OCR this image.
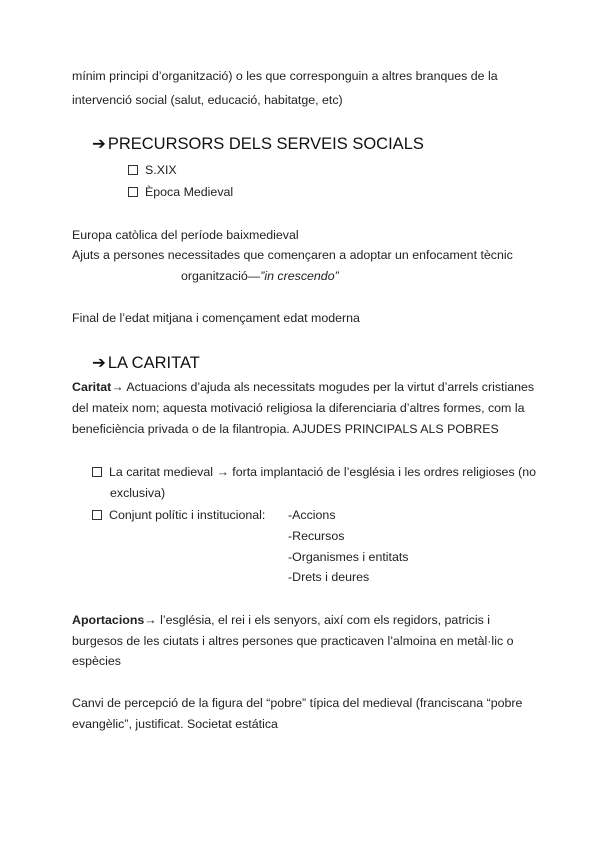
mínim principi d’organització) o les que corresponguin a altres branques de la
intervenció social (salut, educació, habitatge, etc)
➔ PRECURSORS DELS SERVEIS SOCIALS
S.XIX
Època Medieval
Europa catòlica del període baixmedieval
Ajuts a persones necessitades que començaren a adoptar un enfocament tècnic
organització—”in crescendo”
Final de l’edat mitjana i començament edat moderna
➔ LA CARITAT
Caritat→ Actuacions d’ajuda als necessitats mogudes per la virtut d’arrels cristianes
del mateix nom; aquesta motivació religiosa la diferenciaria d’altres formes, com la
beneficiència privada o de la filantropia. AJUDES PRINCIPALS ALS POBRES
La caritat medieval → forta implantació de l’església i les ordres religioses (no
exclusiva)
Conjunt polític i institucional: -Accions
-Recursos
-Organismes i entitats
-Drets i deures
Aportacions→ l’església, el rei i els senyors, així com els regidors, patricis i
burgesos de les ciutats i altres persones que practicaven l’almoina en metàl·lic o
espècies
Canvi de percepció de la figura del “pobre” típica del medieval (franciscana “pobre
evangèlic”, justificat. Societat estática
